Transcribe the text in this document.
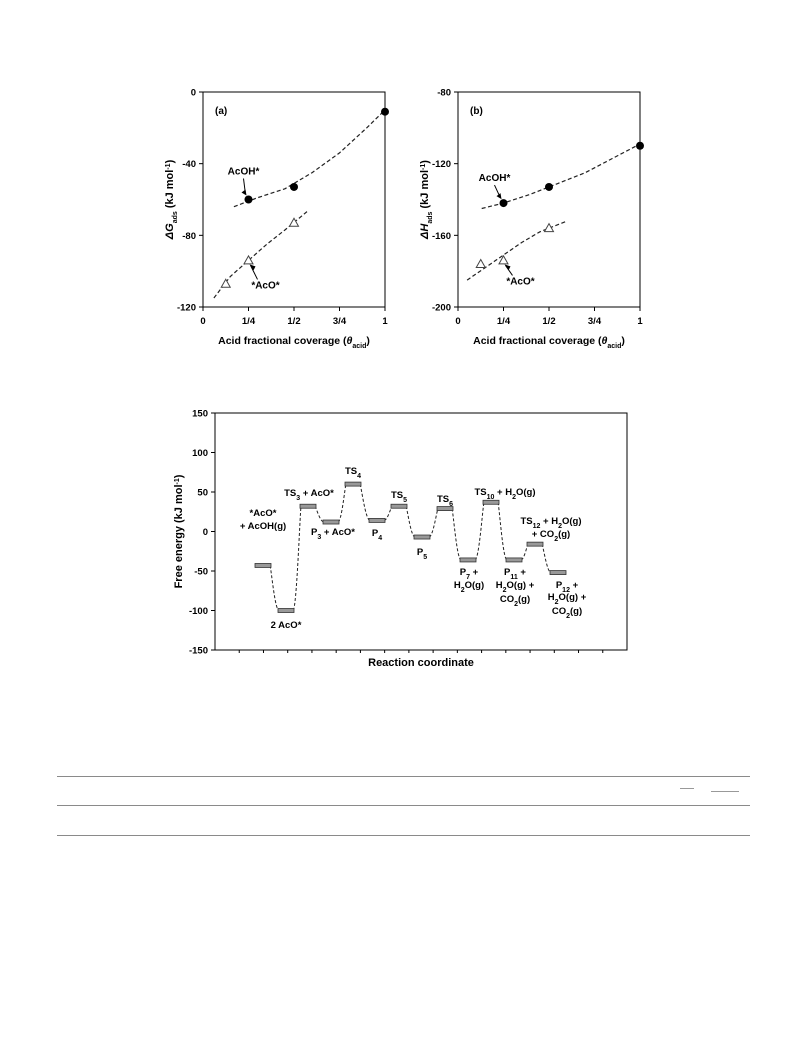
(a)
0	1/4	1/2	3/4	1
0
-40
-80
-120
Acid fractional coverage $(\theta_{acid})$
$\Delta G_{ads}$ (kJ mol$^{-1}$)
AcOH*
*AcO*
(b)
0	1/4	1/2	3/4	1
-80
-120
-160
-200
Acid fractional coverage $(\theta_{acid})$
$\Delta H_{ads}$ (kJ mol$^{-1}$)
AcOH*
*AcO*
150
100
50
0
-50
-100
-150
Reaction coordinate
Free energy (kJ mol$^{-1}$)
*AcO*
+ AcOH(g)
2 AcO*
$TS_3 + AcO*$
$P_3 + AcO*$
$TS_4$
$P_4$
$TS_5$
$P_5$
$TS_6$
$P_7$ +
$H_2O(g)$
$TS_{10} + H_2O(g)$
$P_{11}$ +
$H_2O(g)$ +
$CO_2(g)$
$TS_{12} + H_2O(g)$
+ $CO_2(g)$
$P_{12}$ +
$H_2O(g)$ +
$CO_2(g)$
